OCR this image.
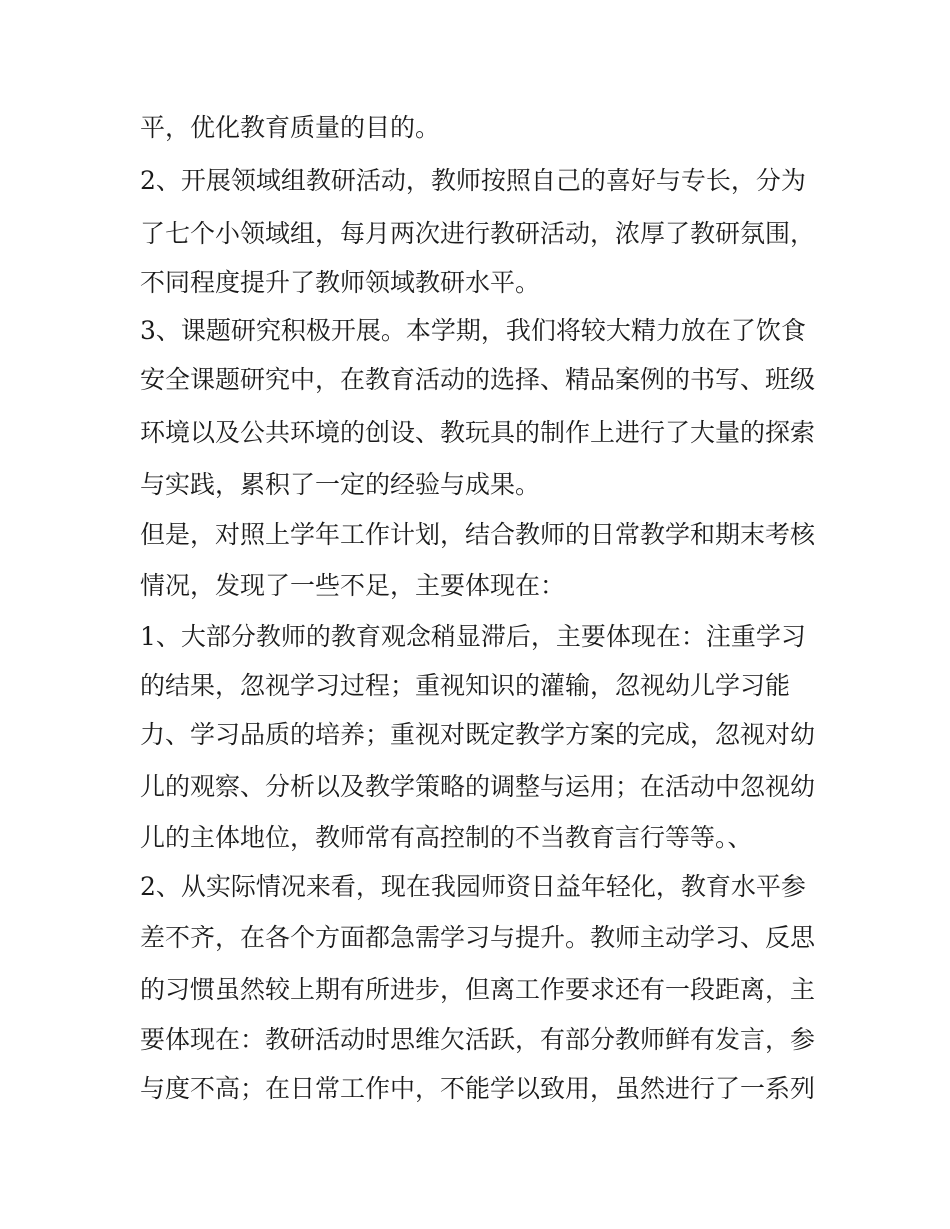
平，优化教育质量的目的。
2、开展领域组教研活动，教师按照自己的喜好与专长，分为
了七个小领域组，每月两次进行教研活动，浓厚了教研氛围，
不同程度提升了教师领域教研水平。
3、课题研究积极开展。本学期，我们将较大精力放在了饮食
安全课题研究中，在教育活动的选择、精品案例的书写、班级
环境以及公共环境的创设、教玩具的制作上进行了大量的探索
与实践，累积了一定的经验与成果。
但是，对照上学年工作计划，结合教师的日常教学和期末考核
情况，发现了一些不足，主要体现在：
1、大部分教师的教育观念稍显滞后，主要体现在：注重学习
的结果，忽视学习过程；重视知识的灌输，忽视幼儿学习能
力、学习品质的培养；重视对既定教学方案的完成，忽视对幼
儿的观察、分析以及教学策略的调整与运用；在活动中忽视幼
儿的主体地位，教师常有高控制的不当教育言行等等。、
2、从实际情况来看，现在我园师资日益年轻化，教育水平参
差不齐，在各个方面都急需学习与提升。教师主动学习、反思
的习惯虽然较上期有所进步，但离工作要求还有一段距离，主
要体现在：教研活动时思维欠活跃，有部分教师鲜有发言，参
与度不高；在日常工作中，不能学以致用，虽然进行了一系列
